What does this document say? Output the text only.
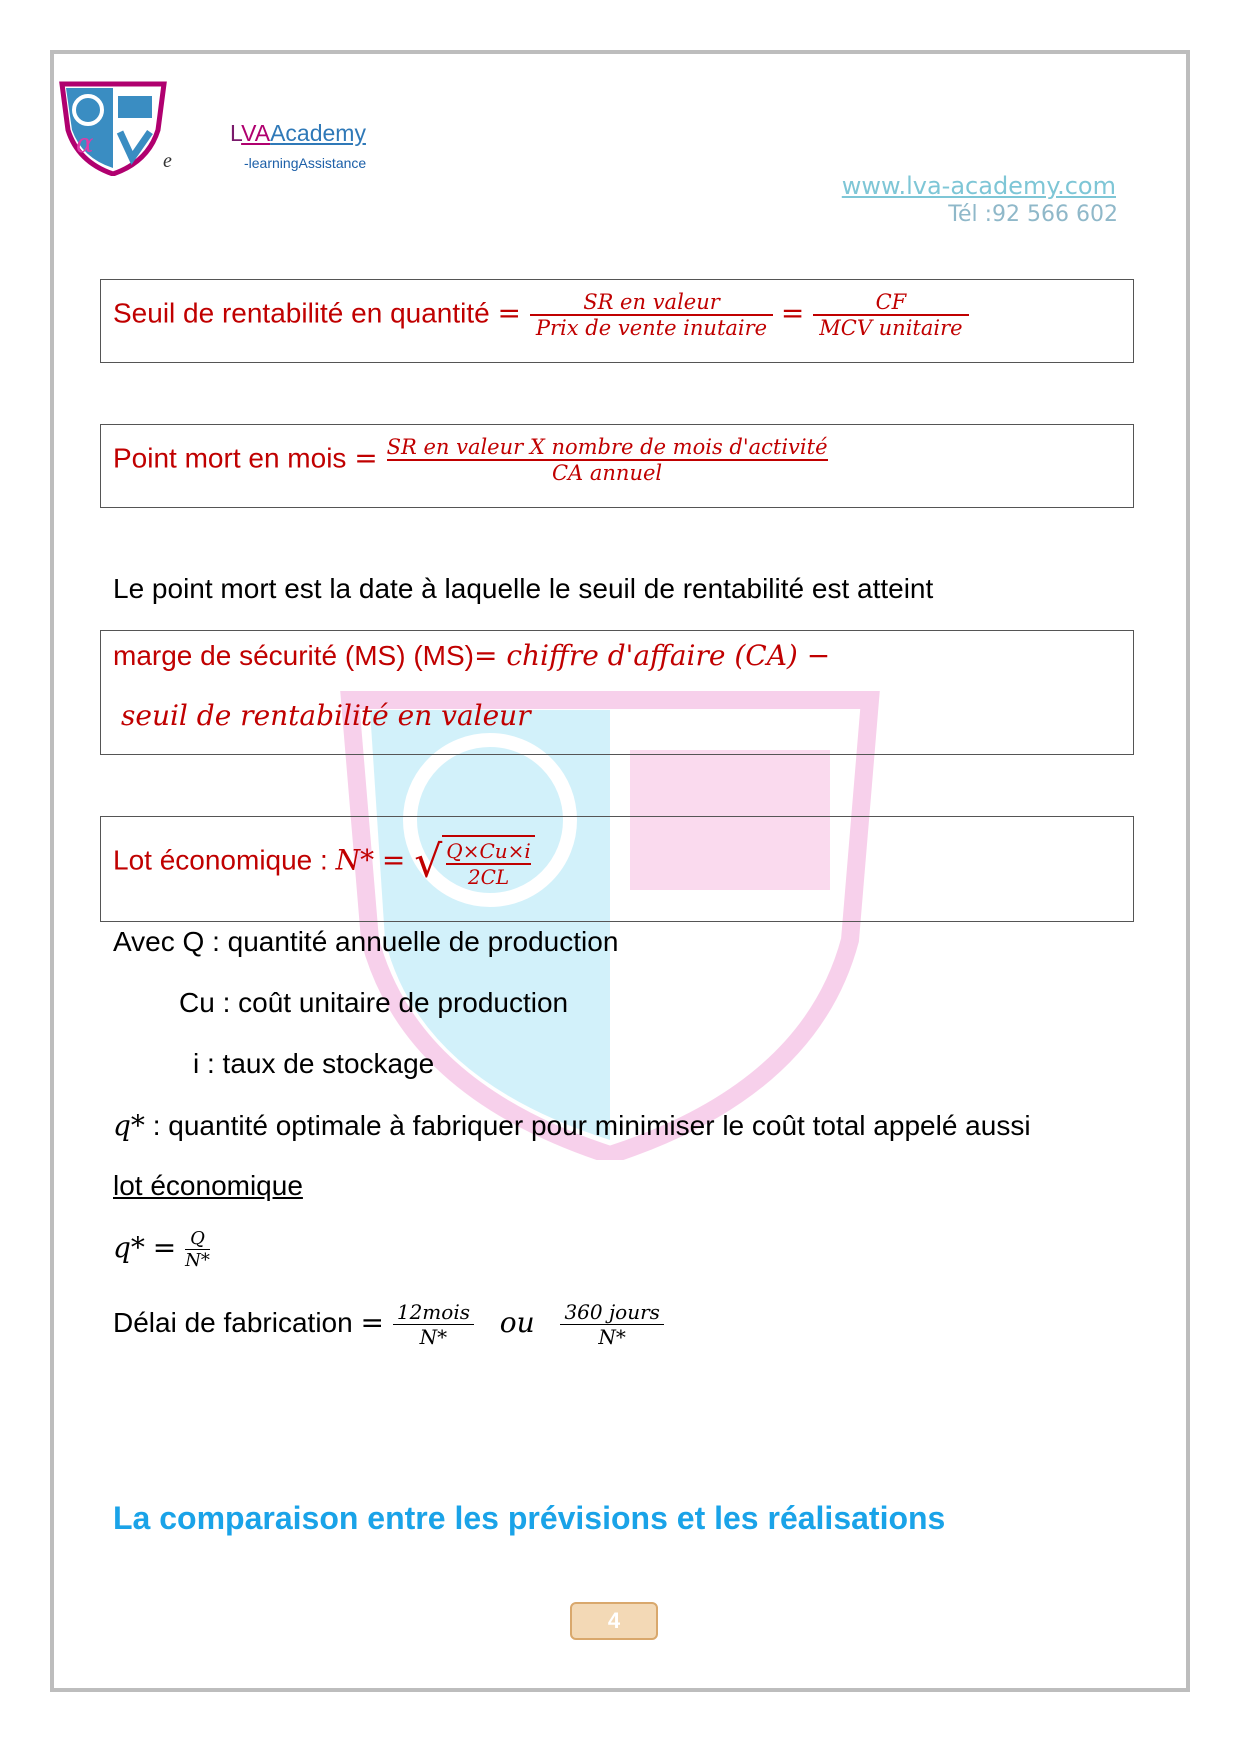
α
e
LVAAcademy
-learningAssistance
www.lva-academy.com
Tél :92 566 602
Seuil de rentabilité en quantité = $\frac{\text{SR en valeur}}{\text{Prix de vente inutaire}} = \frac{CF}{\text{MCV unitaire}}$
Point mort en mois = $\frac{\text{SR en valeur X nombre de mois d'activité}}{\text{CA annuel}}$
Le point mort est la date à laquelle le seuil de rentabilité est atteint
marge de sécurité (MS) (MS)= chiffre d'affaire (CA) −
seuil de rentabilité en valeur
Lot économique : N* = √ $\frac{Q\times Cu\times i}{2CL}$
Avec Q : quantité annuelle de production
Cu : coût unitaire de production
i : taux de stockage
q* : quantité optimale à fabriquer pour minimiser le coût total appelé aussi
lot économique
$q* = \frac{Q}{N*}$
Délai de fabrication = $\frac{\text{12mois}}{N*}$ ou $\frac{\text{360 jours}}{N*}$
La comparaison entre les prévisions et les réalisations
4
